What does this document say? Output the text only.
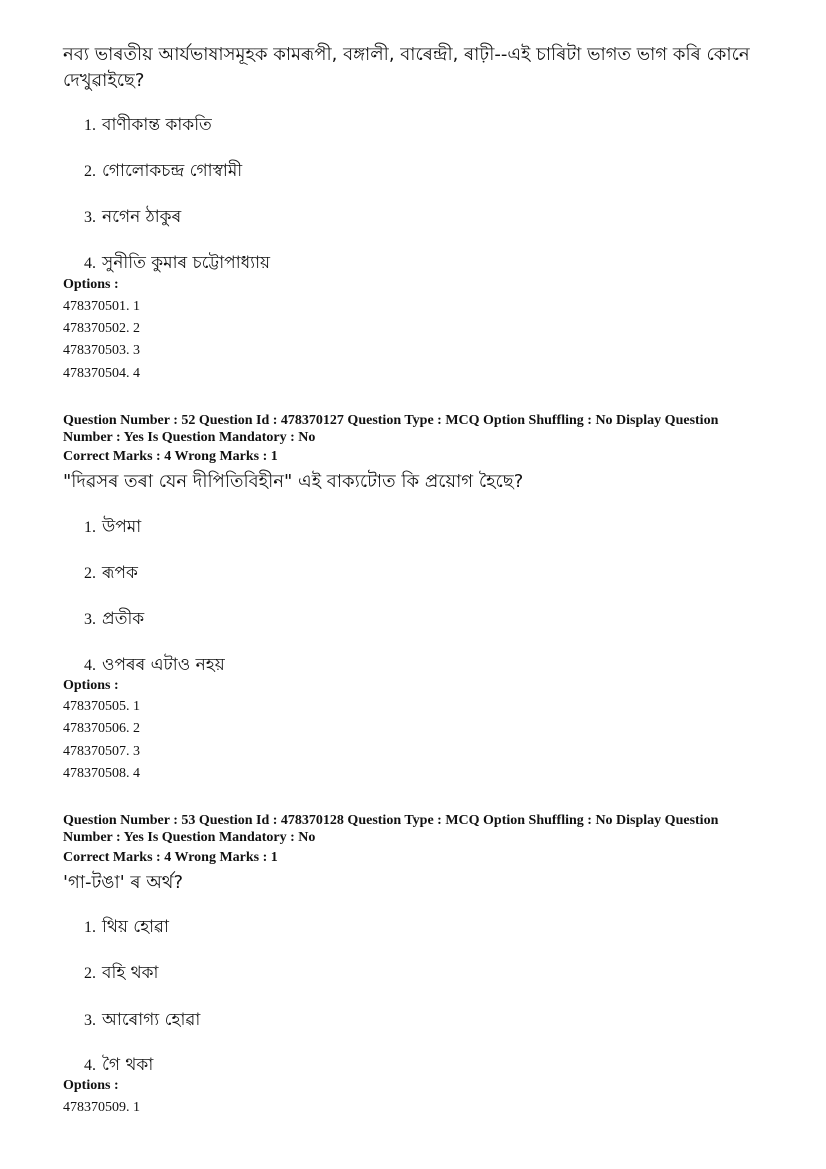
নব্য ভাৰতীয় আৰ্যভাষাসমূহক কামৰূপী, বঙ্গালী, বাৰেন্দ্ৰী, ৰাঢ়ী--এই চাৰিটা ভাগত ভাগ কৰি কোনে দেখুৱাইছে?
1. বাণীকান্ত কাকতি
2. গোলোকচন্দ্ৰ গোস্বামী
3. নগেন ঠাকুৰ
4. সুনীতি কুমাৰ চট্টোপাধ্যায়
Options :
478370501. 1
478370502. 2
478370503. 3
478370504. 4
Question Number : 52 Question Id : 478370127 Question Type : MCQ Option Shuffling : No Display Question Number : Yes Is Question Mandatory : No
Correct Marks : 4 Wrong Marks : 1
"দিৱসৰ তৰা যেন দীপিতিবিহীন" এই বাক্যটোত কি প্ৰয়োগ হৈছে?
1. উপমা
2. ৰূপক
3. প্ৰতীক
4. ওপৰৰ এটাও নহয়
Options :
478370505. 1
478370506. 2
478370507. 3
478370508. 4
Question Number : 53 Question Id : 478370128 Question Type : MCQ Option Shuffling : No Display Question Number : Yes Is Question Mandatory : No
Correct Marks : 4 Wrong Marks : 1
'গা-টঙা' ৰ অৰ্থ?
1. থিয় হোৱা
2. বহি থকা
3. আৰোগ্য হোৱা
4. গৈ থকা
Options :
478370509. 1
